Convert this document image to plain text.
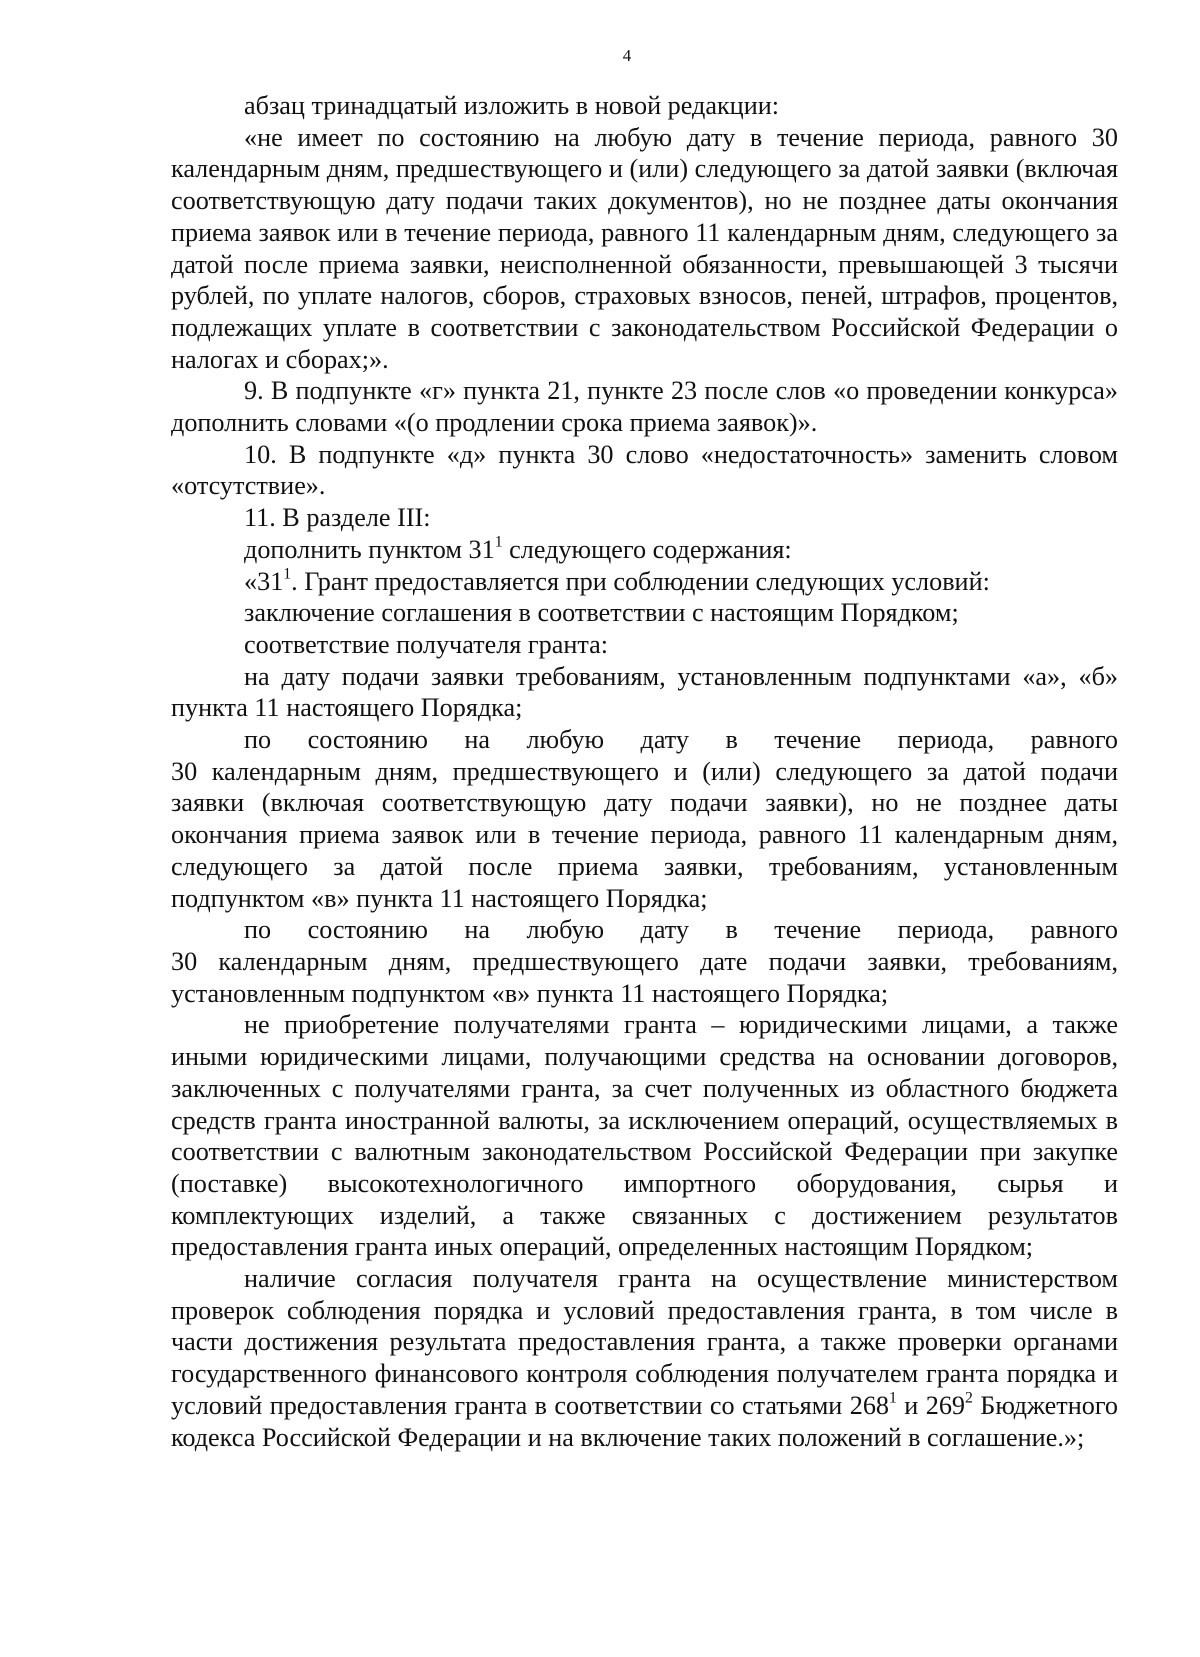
4

абзац тринадцатый изложить в новой редакции:

«не имеет по состоянию на любую дату в течение периода, равного 30 календарным дням, предшествующего и (или) следующего за датой заявки (включая соответствующую дату подачи таких документов), но не позднее даты окончания приема заявок или в течение периода, равного 11 календарным дням, следующего за датой после приема заявки, неисполненной обязанности, превышающей 3 тысячи рублей, по уплате налогов, сборов, страховых взносов, пеней, штрафов, процентов, подлежащих уплате в соответствии с законодательством Российской Федерации о налогах и сборах;».

9. В подпункте «г» пункта 21, пункте 23 после слов «о проведении конкурса» дополнить словами «(о продлении срока приема заявок)».

10. В подпункте «д» пункта 30 слово «недостаточность» заменить словом «отсутствие».

11. В разделе III:

дополнить пунктом $31^1$ следующего содержания:

«$31^1$. Грант предоставляется при соблюдении следующих условий:

заключение соглашения в соответствии с настоящим Порядком;

соответствие получателя гранта:

на дату подачи заявки требованиям, установленным подпунктами «а», «б» пункта 11 настоящего Порядка;

по состоянию на любую дату в течение периода, равного

30 календарным дням, предшествующего и (или) следующего за датой подачи заявки (включая соответствующую дату подачи заявки), но не позднее даты окончания приема заявок или в течение периода, равного 11 календарным дням, следующего за датой после приема заявки, требованиям, установленным подпунктом «в» пункта 11 настоящего Порядка;

по состоянию на любую дату в течение периода, равного

30 календарным дням, предшествующего дате подачи заявки, требованиям, установленным подпунктом «в» пункта 11 настоящего Порядка;

не приобретение получателями гранта – юридическими лицами, а также иными юридическими лицами, получающими средства на основании договоров, заключенных с получателями гранта, за счет полученных из областного бюджета средств гранта иностранной валюты, за исключением операций, осуществляемых в соответствии с валютным законодательством Российской Федерации при закупке (поставке) высокотехнологичного импортного оборудования, сырья и комплектующих изделий, а также связанных с достижением результатов предоставления гранта иных операций, определенных настоящим Порядком;

наличие согласия получателя гранта на осуществление министерством проверок соблюдения порядка и условий предоставления гранта, в том числе в части достижения результата предоставления гранта, а также проверки органами государственного финансового контроля соблюдения получателем гранта порядка и условий предоставления гранта в соответствии со статьями $268^1$ и $269^2$ Бюджетного кодекса Российской Федерации и на включение таких положений в соглашение.»;
